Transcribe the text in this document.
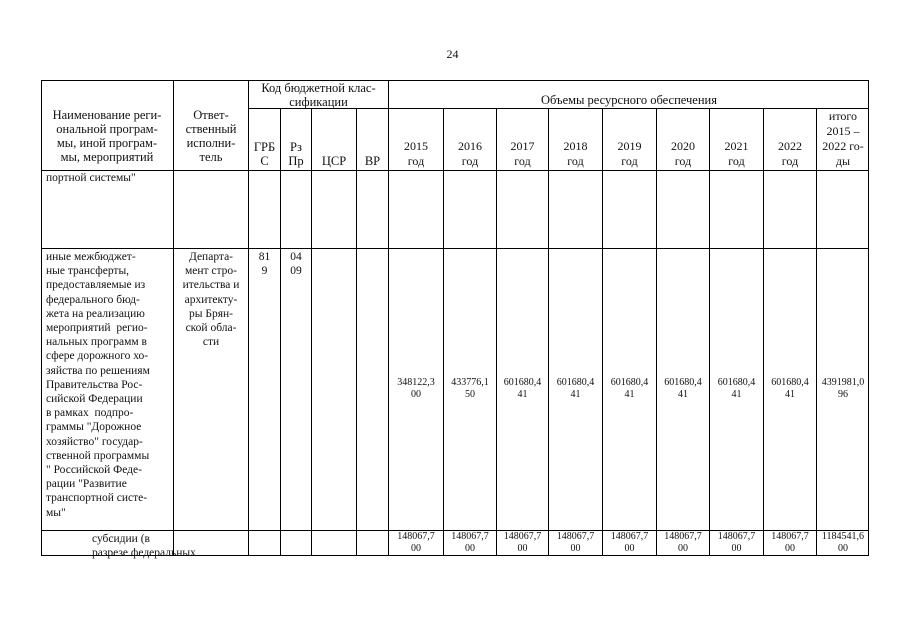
24
Наименование реги-
ональной програм-
мы, иной програм-
мы, мероприятий
Ответ-
ственный
исполни-
тель
Код бюджетной клас-
сификации
ГРБ
С
Рз
Пр	ЦСР	ВР
Объемы ресурсного обеспечения
2015
год
2016
год
2017
год
2018
год
2019
год
2020
год
2021
год
2022
год
итого
2015 –
2022 го-
ды
портной системы"
иные межбюджет-
ные трансферты,
предоставляемые из
федерального бюд-
жета на реализацию
мероприятий  регио-
нальных программ в
сфере дорожного хо-
зяйства по решениям
Правительства Рос-
сийской Федерации
в рамках  подпро-
граммы "Дорожное
хозяйство" государ-
ственной программы
" Российской Феде-
рации "Развитие
транспортной систе-
мы"
Департа-
мент стро-
ительства и
архитекту-
ры Брян-
ской обла-
сти
81
9
04
09
348122,3
00
433776,1
50
601680,4
41
601680,4
41
601680,4
41
601680,4
41
601680,4
41
601680,4
41
4391981,0
96
субсидии (в
разрезе федеральных
148067,7
00
148067,7
00
148067,7
00
148067,7
00
148067,7
00
148067,7
00
148067,7
00
148067,7
00
1184541,6
00
